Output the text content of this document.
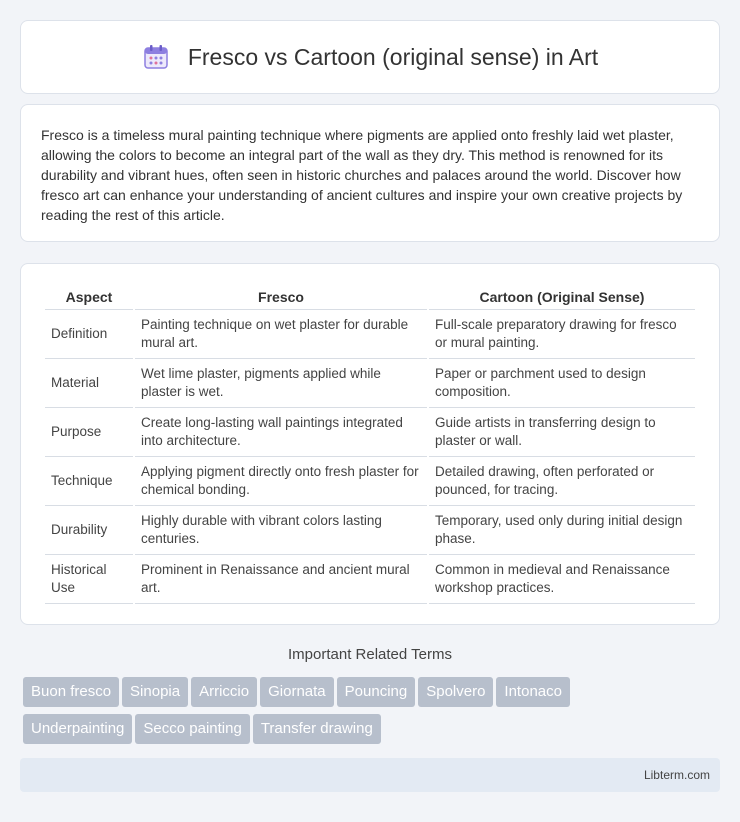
Fresco vs Cartoon (original sense) in Art

Fresco is a timeless mural painting technique where pigments are applied onto freshly laid wet plaster, allowing the colors to become an integral part of the wall as they dry. This method is renowned for its durability and vibrant hues, often seen in historic churches and palaces around the world. Discover how fresco art can enhance your understanding of ancient cultures and inspire your own creative projects by reading the rest of this article.

Aspect	Fresco	Cartoon (Original Sense)
Definition	Painting technique on wet plaster for durable mural art.	Full-scale preparatory drawing for fresco or mural painting.
Material	Wet lime plaster, pigments applied while plaster is wet.	Paper or parchment used to design composition.
Purpose	Create long-lasting wall paintings integrated into architecture.	Guide artists in transferring design to plaster or wall.
Technique	Applying pigment directly onto fresh plaster for chemical bonding.	Detailed drawing, often perforated or pounced, for tracing.
Durability	Highly durable with vibrant colors lasting centuries.	Temporary, used only during initial design phase.
Historical Use	Prominent in Renaissance and ancient mural art.	Common in medieval and Renaissance workshop practices.
Important Related Terms
Buon fresco	Sinopia	Arriccio	Giornata	Pouncing	Spolvero	Intonaco
Underpainting	Secco painting	Transfer drawing
Libterm.com
